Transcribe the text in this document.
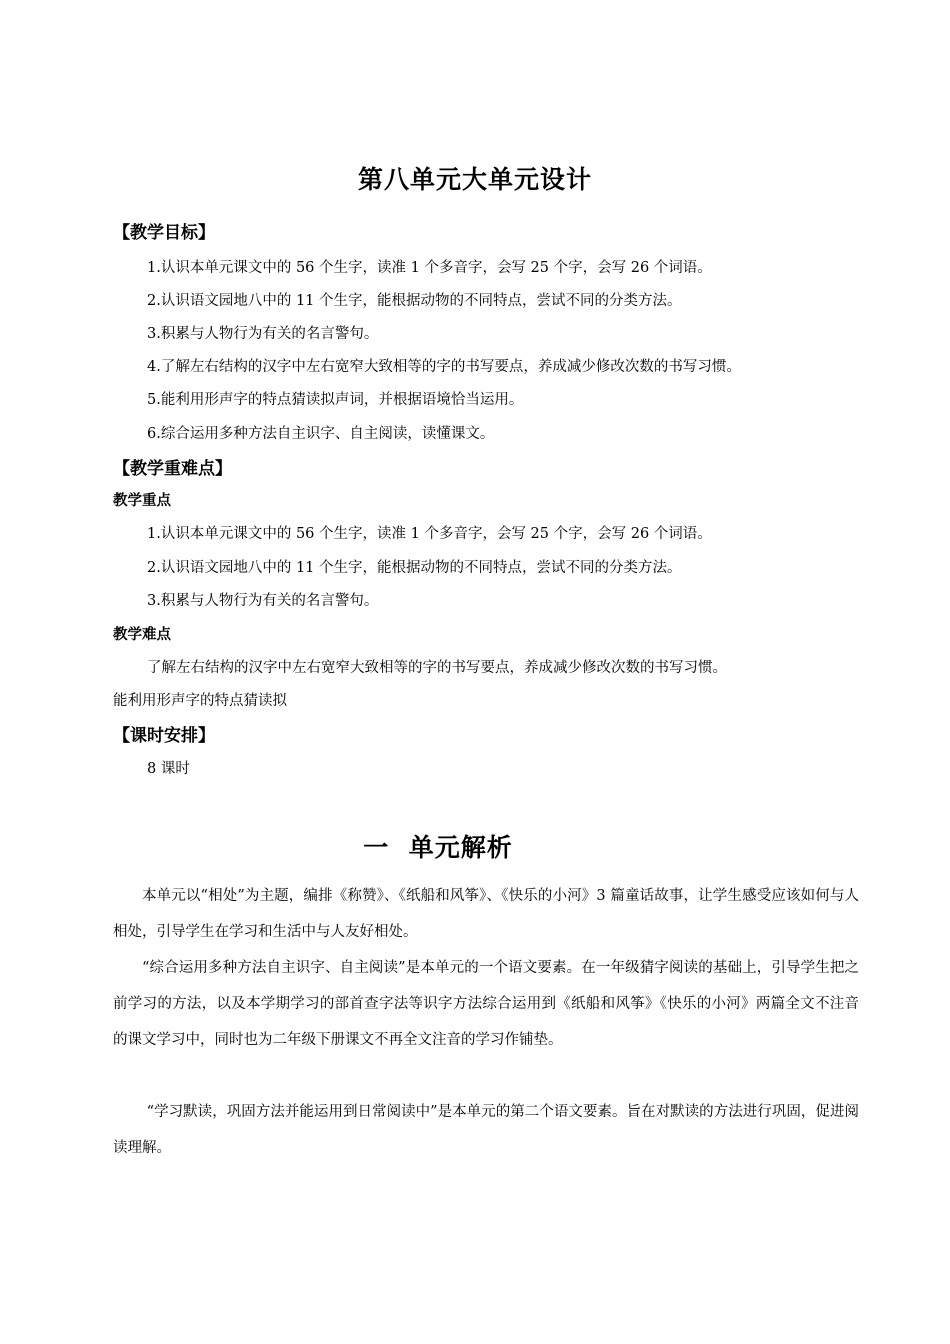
第八单元大单元设计
【教学目标】
1.认识本单元课文中的 56 个生字，读准 1 个多音字，会写 25 个字，会写 26 个词语。
2.认识语文园地八中的 11 个生字，能根据动物的不同特点，尝试不同的分类方法。
3.积累与人物行为有关的名言警句。
4.了解左右结构的汉字中左右宽窄大致相等的字的书写要点，养成减少修改次数的书写习惯。
5.能利用形声字的特点猜读拟声词，并根据语境恰当运用。
6.综合运用多种方法自主识字、自主阅读，读懂课文。
【教学重难点】
教学重点
1.认识本单元课文中的 56 个生字，读准 1 个多音字，会写 25 个字，会写 26 个词语。
2.认识语文园地八中的 11 个生字，能根据动物的不同特点，尝试不同的分类方法。
3.积累与人物行为有关的名言警句。
教学难点
了解左右结构的汉字中左右宽窄大致相等的字的书写要点，养成减少修改次数的书写习惯。
能利用形声字的特点猜读拟
【课时安排】
8 课时
一  单元解析
本单元以“相处”为主题，编排《称赞》、《纸船和风筝》、《快乐的小河》3 篇童话故事，让学生感受应该如何与人相处，引导学生在学习和生活中与人友好相处。
“综合运用多种方法自主识字、自主阅读”是本单元的一个语文要素。在一年级猜字阅读的基础上，引导学生把之前学习的方法，以及本学期学习的部首查字法等识字方法综合运用到《纸船和风筝》《快乐的小河》两篇全文不注音的课文学习中，同时也为二年级下册课文不再全文注音的学习作铺垫。
“学习默读，巩固方法并能运用到日常阅读中”是本单元的第二个语文要素。旨在对默读的方法进行巩固，促进阅读理解。
